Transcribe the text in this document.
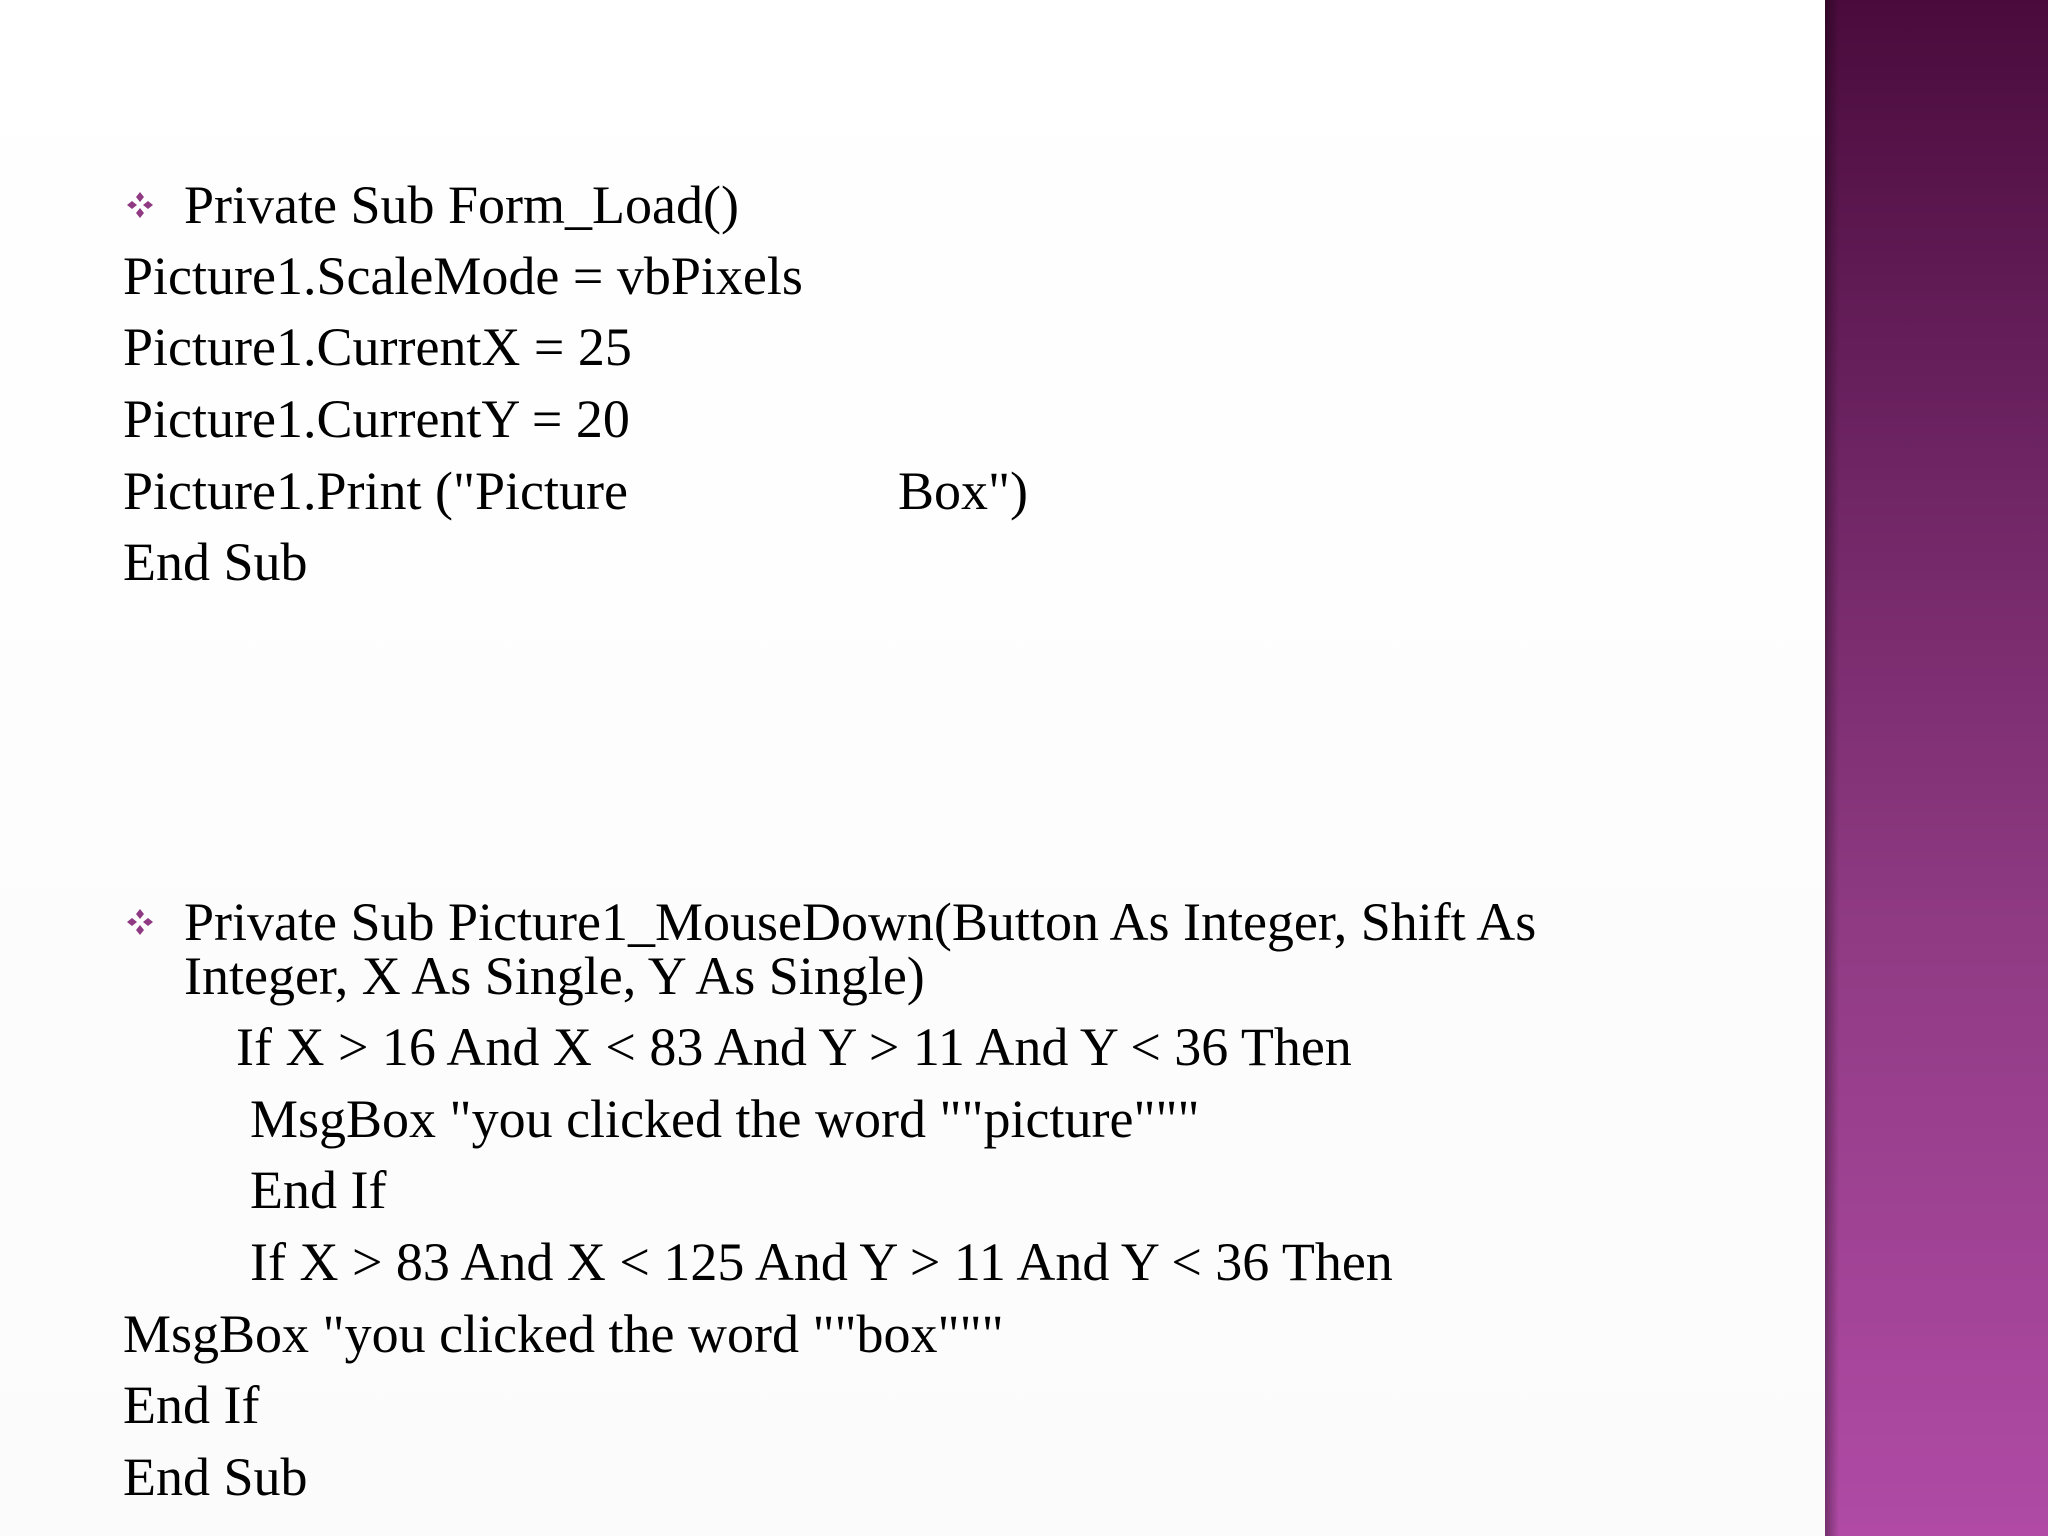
Private Sub Form_Load()
Picture1.ScaleMode = vbPixels
Picture1.CurrentX = 25
Picture1.CurrentY = 20
Picture1.Print ("Picture                    Box")
End Sub
Private Sub Picture1_MouseDown(Button As Integer, Shift As
Integer, X As Single, Y As Single)
If X > 16 And X < 83 And Y > 11 And Y < 36 Then
MsgBox "you clicked the word ""picture"""
End If
If X > 83 And X < 125 And Y > 11 And Y < 36 Then
MsgBox "you clicked the word ""box"""
End If
End Sub
